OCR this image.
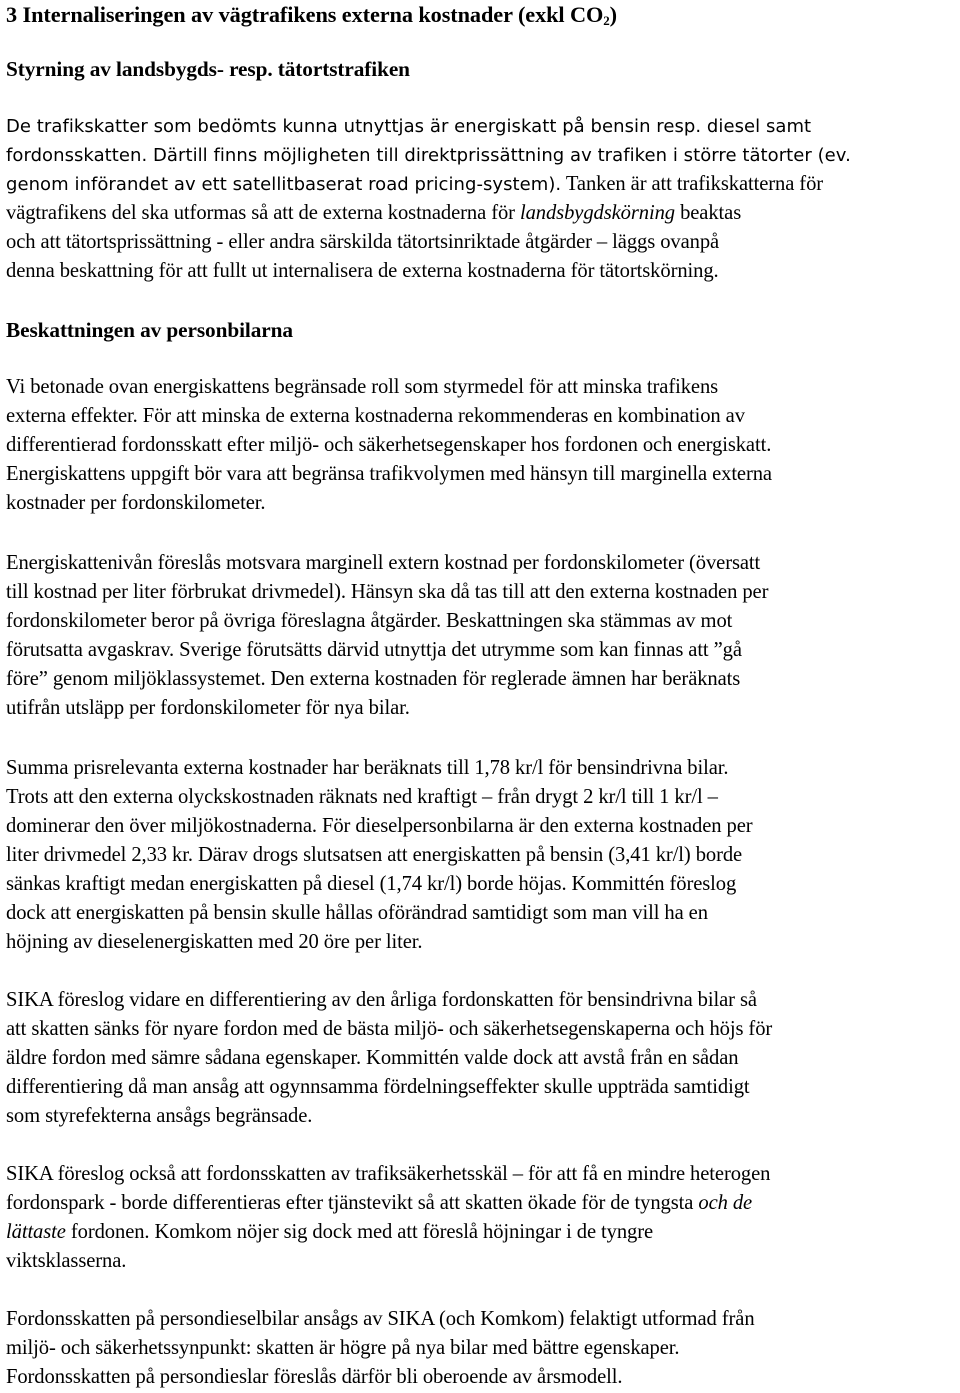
3 Internaliseringen av vägtrafikens externa kostnader (exkl $CO_2$)
Styrning av landsbygds- resp. tätortstrafiken
De trafikskatter som bedömts kunna utnyttjas är energiskatt på bensin resp. diesel samt
fordonsskatten. Därtill finns möjligheten till direktprissättning av trafiken i större tätorter (ev.
genom införandet av ett satellitbaserat road pricing-system). Tanken är att trafikskatterna för
vägtrafikens del ska utformas så att de externa kostnaderna för landsbygdskörning beaktas
och att tätortsprissättning - eller andra särskilda tätortsinriktade åtgärder – läggs ovanpå
denna beskattning för att fullt ut internalisera de externa kostnaderna för tätortskörning.
Beskattningen av personbilarna
Vi betonade ovan energiskattens begränsade roll som styrmedel för att minska trafikens
externa effekter. För att minska de externa kostnaderna rekommenderas en kombination av
differentierad fordonsskatt efter miljö- och säkerhetsegenskaper hos fordonen och energiskatt.
Energiskattens uppgift bör vara att begränsa trafikvolymen med hänsyn till marginella externa
kostnader per fordonskilometer.
Energiskattenivån föreslås motsvara marginell extern kostnad per fordonskilometer (översatt
till kostnad per liter förbrukat drivmedel). Hänsyn ska då tas till att den externa kostnaden per
fordonskilometer beror på övriga föreslagna åtgärder. Beskattningen ska stämmas av mot
förutsatta avgaskrav. Sverige förutsätts därvid utnyttja det utrymme som kan finnas att ”gå
före” genom miljöklassystemet. Den externa kostnaden för reglerade ämnen har beräknats
utifrån utsläpp per fordonskilometer för nya bilar.
Summa prisrelevanta externa kostnader har beräknats till 1,78 kr/l för bensindrivna bilar.
Trots att den externa olyckskostnaden räknats ned kraftigt – från drygt 2 kr/l till 1 kr/l –
dominerar den över miljökostnaderna. För dieselpersonbilarna är den externa kostnaden per
liter drivmedel 2,33 kr. Därav drogs slutsatsen att energiskatten på bensin (3,41 kr/l) borde
sänkas kraftigt medan energiskatten på diesel (1,74 kr/l) borde höjas. Kommittén föreslog
dock att energiskatten på bensin skulle hållas oförändrad samtidigt som man vill ha en
höjning av dieselenergiskatten med 20 öre per liter.
SIKA föreslog vidare en differentiering av den årliga fordonskatten för bensindrivna bilar så
att skatten sänks för nyare fordon med de bästa miljö- och säkerhetsegenskaperna och höjs för
äldre fordon med sämre sådana egenskaper. Kommittén valde dock att avstå från en sådan
differentiering då man ansåg att ogynnsamma fördelningseffekter skulle uppträda samtidigt
som styrefekterna ansågs begränsade.
SIKA föreslog också att fordonsskatten av trafiksäkerhetsskäl – för att få en mindre heterogen
fordonspark - borde differentieras efter tjänstevikt så att skatten ökade för de tyngsta och de
lättaste fordonen. Komkom nöjer sig dock med att föreslå höjningar i de tyngre
viktsklasserna.
Fordonsskatten på persondieselbilar ansågs av SIKA (och Komkom) felaktigt utformad från
miljö- och säkerhetssynpunkt: skatten är högre på nya bilar med bättre egenskaper.
Fordonsskatten på persondieslar föreslås därför bli oberoende av årsmodell.
